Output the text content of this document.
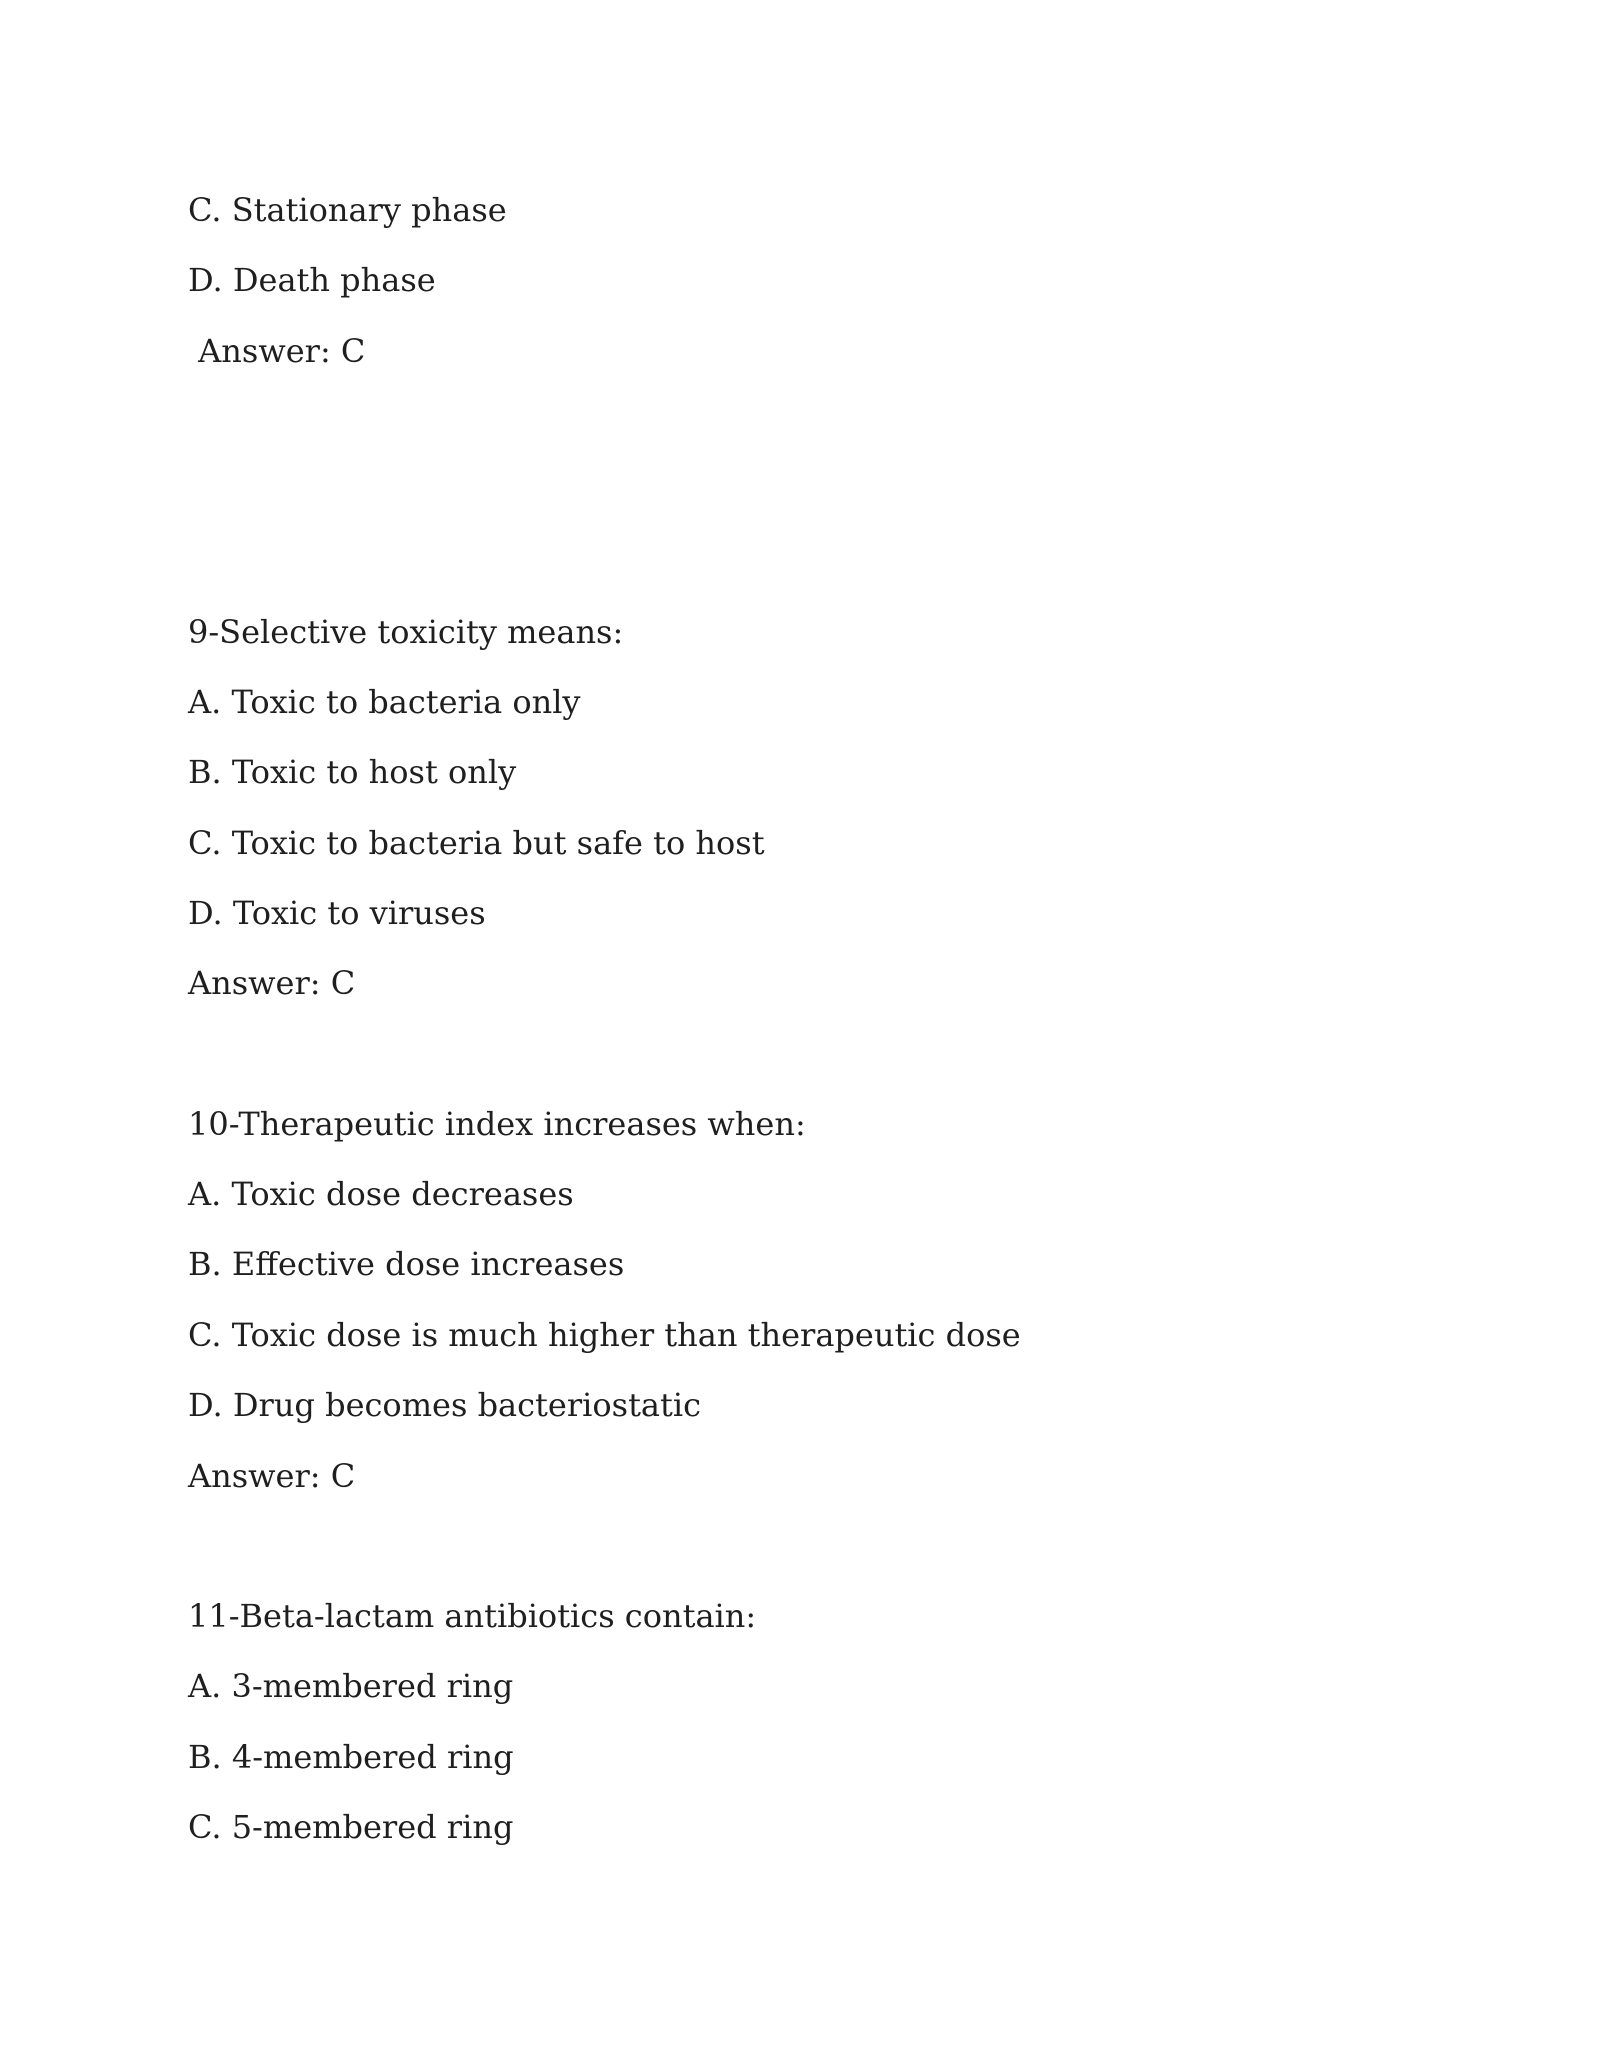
C. Stationary phase

D. Death phase

Answer: C

9-Selective toxicity means:

A. Toxic to bacteria only

B. Toxic to host only

C. Toxic to bacteria but safe to host

D. Toxic to viruses

Answer: C

10-Therapeutic index increases when:

A. Toxic dose decreases

B. Effective dose increases

C. Toxic dose is much higher than therapeutic dose

D. Drug becomes bacteriostatic

Answer: C

11-Beta-lactam antibiotics contain:

A. 3-membered ring

B. 4-membered ring

C. 5-membered ring
